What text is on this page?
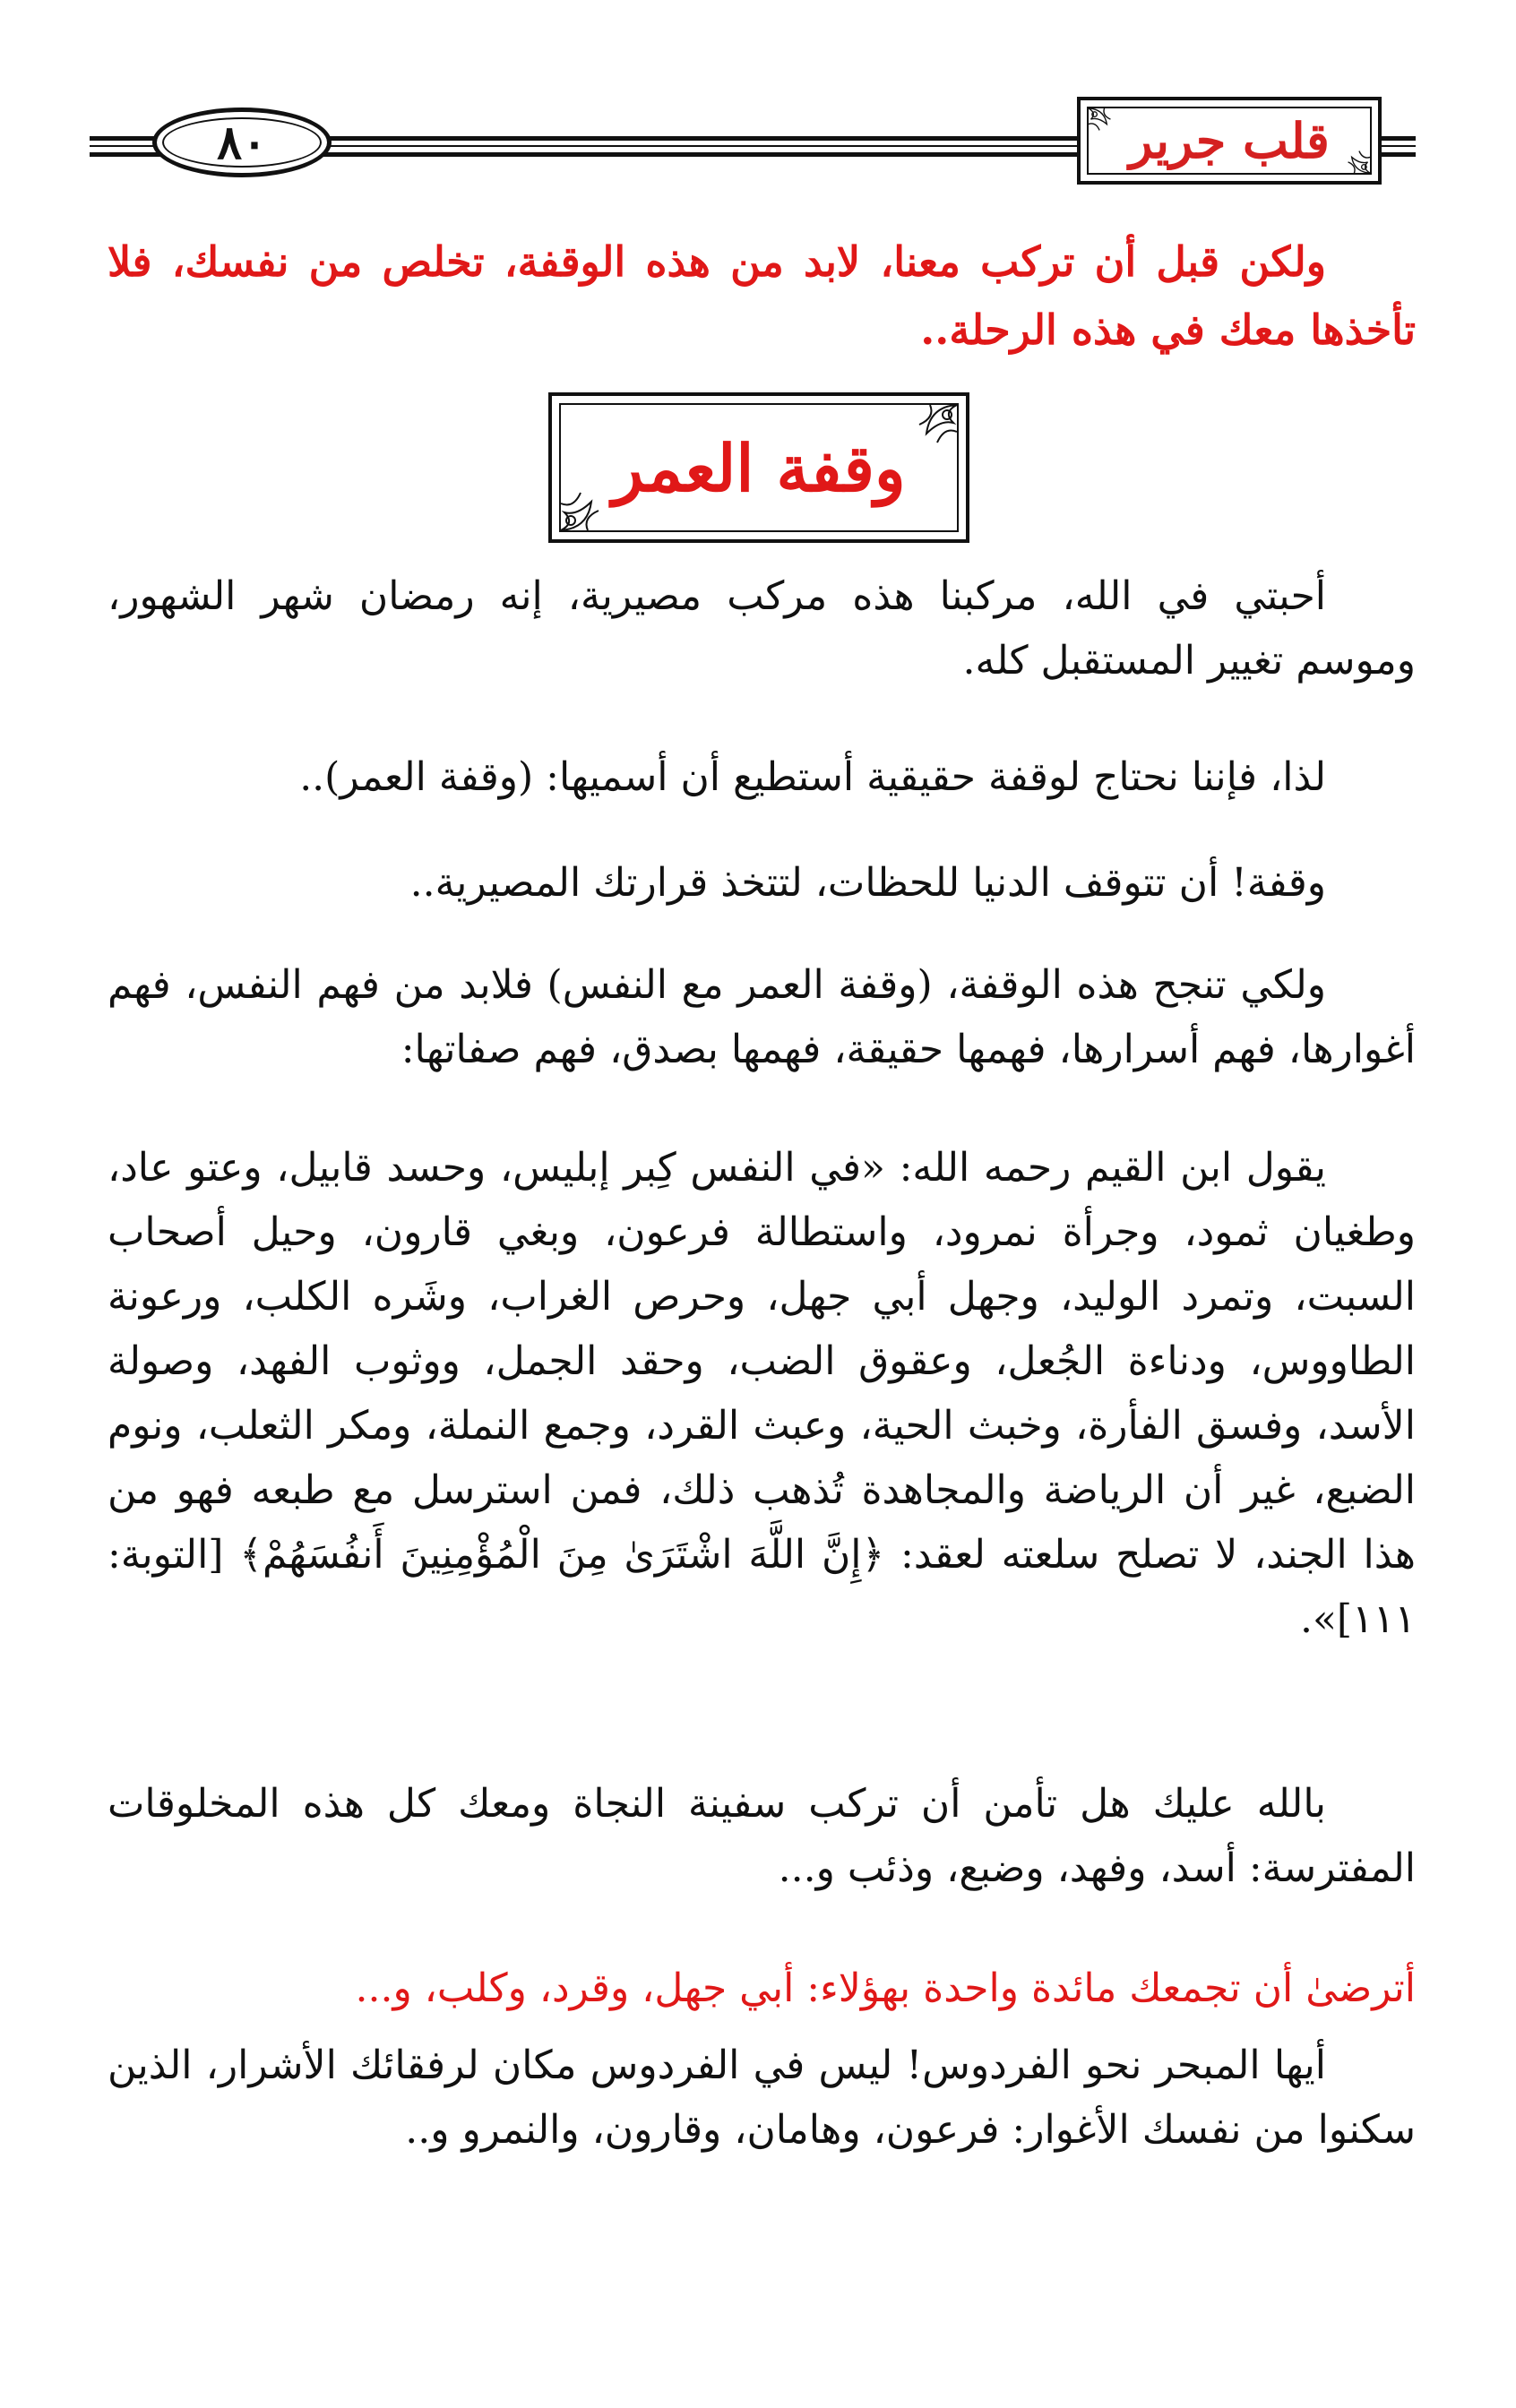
٨٠	قلب جرير
ولكن قبل أن تركب معنا، لابد من هذه الوقفة، تخلص من نفسك، فلا تأخذها معك في هذه الرحلة..
وقفة العمر
أحبتي في الله، مركبنا هذه مركب مصيرية، إنه رمضان شهر الشهور، وموسم تغيير المستقبل كله.
لذا، فإننا نحتاج لوقفة حقيقية أستطيع أن أسميها: (وقفة العمر)..
وقفة! أن تتوقف الدنيا للحظات، لتتخذ قرارتك المصيرية..
ولكي تنجح هذه الوقفة، (وقفة العمر مع النفس) فلابد من فهم النفس، فهم أغوارها، فهم أسرارها، فهمها حقيقة، فهمها بصدق، فهم صفاتها:
يقول ابن القيم رحمه الله: «في النفس كِبر إبليس، وحسد قابيل، وعتو عاد، وطغيان ثمود، وجرأة نمرود، واستطالة فرعون، وبغي قارون، وحيل أصحاب السبت، وتمرد الوليد، وجهل أبي جهل، وحرص الغراب، وشَره الكلب، ورعونة الطاووس، ودناءة الجُعل، وعقوق الضب، وحقد الجمل، ووثوب الفهد، وصولة الأسد، وفسق الفأرة، وخبث الحية، وعبث القرد، وجمع النملة، ومكر الثعلب، ونوم الضبع، غير أن الرياضة والمجاهدة تُذهب ذلك، فمن استرسل مع طبعه فهو من هذا الجند، لا تصلح سلعته لعقد: ﴿إِنَّ اللَّهَ اشْتَرَىٰ مِنَ الْمُؤْمِنِينَ أَنفُسَهُمْ﴾ [التوبة: ١١١]».
بالله عليك هل تأمن أن تركب سفينة النجاة ومعك كل هذه المخلوقات المفترسة: أسد، وفهد، وضبع، وذئب و...
أترضىٰ أن تجمعك مائدة واحدة بهؤلاء: أبي جهل، وقرد، وكلب، و...
أيها المبحر نحو الفردوس! ليس في الفردوس مكان لرفقائك الأشرار، الذين سكنوا من نفسك الأغوار: فرعون، وهامان، وقارون، والنمرو و..
